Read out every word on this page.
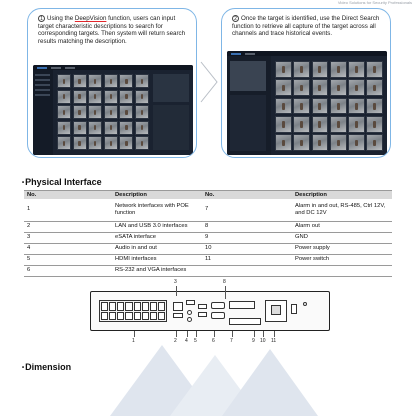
Video Solutions for Security Professionals
1 Using the DeepVision function, users can input target characteristic descriptions to search for corresponding targets. Then system will return search results matching the description.
2 Once the target is identified, use the Direct Search function to retrieve all capture of the target across all channels and trace historical events.
•Physical Interface
No.	Description	No.	Description
1	Network interfaces with POE function	7	Alarm in and out, RS-485, Ctrl 12V, and DC 12V
2	LAN and USB 3.0 interfaces	8	Alarm out
3	eSATA interface	9	GND
4	Audio in and out	10	Power supply
5	HDMI interfaces	11	Power switch
6	RS-232 and VGA interfaces		
3	8
1	2 4 5	6	7	9 10 11
•Dimension
